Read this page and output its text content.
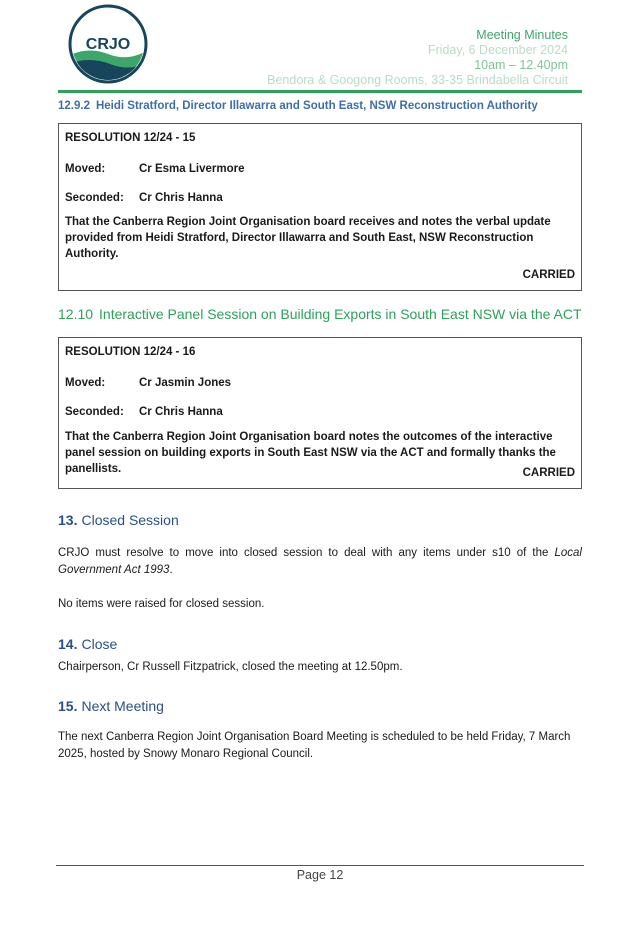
CRJO
Meeting Minutes
Friday, 6 December 2024
10am – 12.40pm
Bendora & Googong Rooms, 33-35 Brindabella Circuit
12.9.2 Heidi Stratford, Director Illawarra and South East, NSW Reconstruction Authority
RESOLUTION 12/24 - 15
Moved:	Cr Esma Livermore
Seconded: Cr Chris Hanna
That the Canberra Region Joint Organisation board receives and notes the verbal update provided from Heidi Stratford, Director Illawarra and South East, NSW Reconstruction Authority.
CARRIED
12.10 Interactive Panel Session on Building Exports in South East NSW via the ACT
RESOLUTION 12/24 - 16
Moved:	Cr Jasmin Jones
Seconded: Cr Chris Hanna
That the Canberra Region Joint Organisation board notes the outcomes of the interactive panel session on building exports in South East NSW via the ACT and formally thanks the panellists.	CARRIED
13. Closed Session
CRJO must resolve to move into closed session to deal with any items under s10 of the Local Government Act 1993.
No items were raised for closed session.
14. Close
Chairperson, Cr Russell Fitzpatrick, closed the meeting at 12.50pm.
15. Next Meeting
The next Canberra Region Joint Organisation Board Meeting is scheduled to be held Friday, 7 March 2025, hosted by Snowy Monaro Regional Council.
Page 12
